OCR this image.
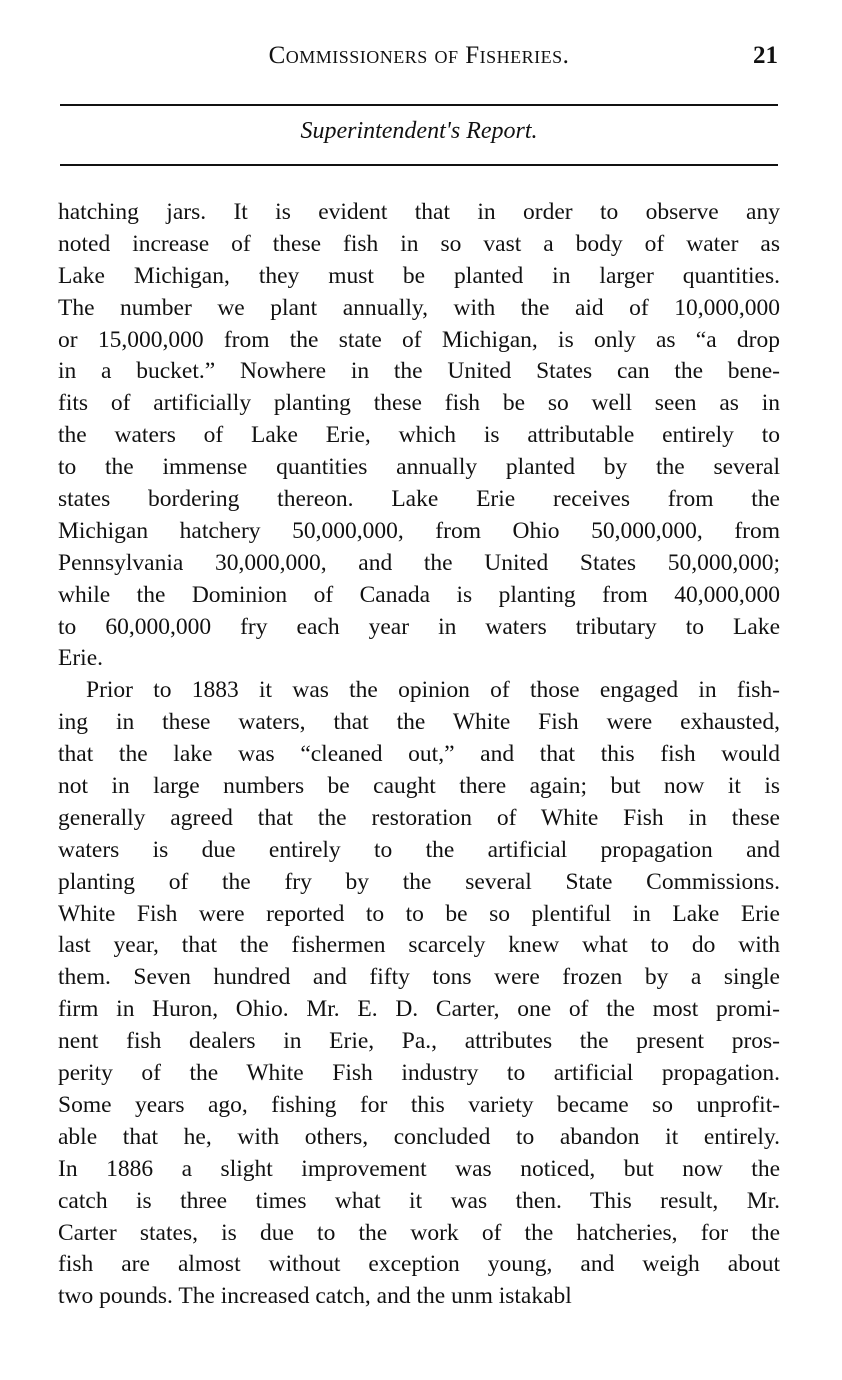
Commissioners of Fisheries.	21
Superintendent's Report.
hatching jars. It is evident that in order to observe any
noted increase of these fish in so vast a body of water as
Lake Michigan, they must be planted in larger quantities.
The number we plant annually, with the aid of 10,000,000
or 15,000,000 from the state of Michigan, is only as “a drop
in a bucket.” Nowhere in the United States can the bene-
fits of artificially planting these fish be so well seen as in
the waters of Lake Erie, which is attributable entirely to
to the immense quantities annually planted by the several
states bordering thereon. Lake Erie receives from the
Michigan hatchery 50,000,000, from Ohio 50,000,000, from
Pennsylvania 30,000,000, and the United States 50,000,000;
while the Dominion of Canada is planting from 40,000,000
to 60,000,000 fry each year in waters tributary to Lake
Erie.
Prior to 1883 it was the opinion of those engaged in fish-
ing in these waters, that the White Fish were exhausted,
that the lake was “cleaned out,” and that this fish would
not in large numbers be caught there again; but now it is
generally agreed that the restoration of White Fish in these
waters is due entirely to the artificial propagation and
planting of the fry by the several State Commissions.
White Fish were reported to to be so plentiful in Lake Erie
last year, that the fishermen scarcely knew what to do with
them. Seven hundred and fifty tons were frozen by a single
firm in Huron, Ohio. Mr. E. D. Carter, one of the most promi-
nent fish dealers in Erie, Pa., attributes the present pros-
perity of the White Fish industry to artificial propagation.
Some years ago, fishing for this variety became so unprofit-
able that he, with others, concluded to abandon it entirely.
In 1886 a slight improvement was noticed, but now the
catch is three times what it was then. This result, Mr.
Carter states, is due to the work of the hatcheries, for the
fish are almost without exception young, and weigh about
two pounds. The increased catch, and the unm istakabl
